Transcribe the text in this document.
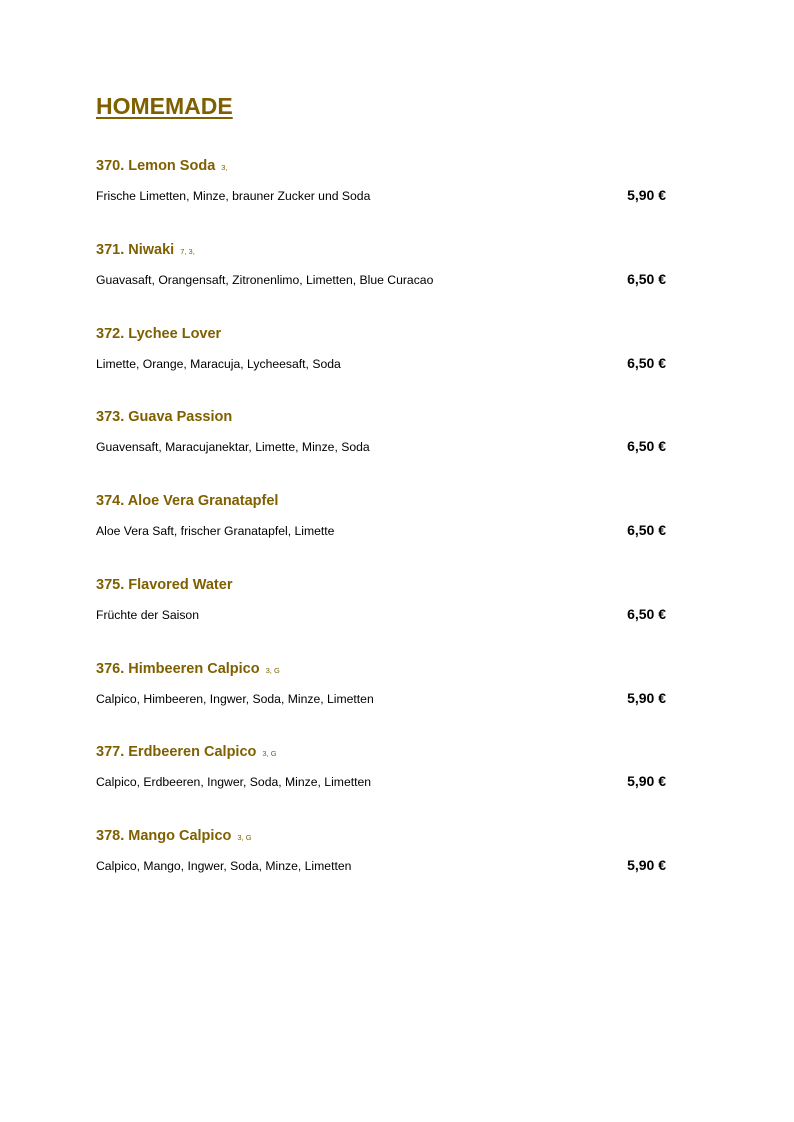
HOMEMADE
370. Lemon Soda 3,
Frische Limetten, Minze, brauner Zucker und Soda	5,90 €
371. Niwaki 7, 3,
Guavasaft, Orangensaft, Zitronenlimo, Limetten, Blue Curacao	6,50 €
372. Lychee Lover
Limette, Orange, Maracuja, Lycheesaft, Soda	6,50 €
373. Guava Passion
Guavensaft, Maracujanektar, Limette, Minze, Soda	6,50 €
374. Aloe Vera Granatapfel
Aloe Vera Saft, frischer Granatapfel, Limette	6,50 €
375. Flavored Water
Früchte der Saison	6,50 €
376. Himbeeren Calpico 3, G
Calpico, Himbeeren, Ingwer, Soda, Minze, Limetten	5,90 €
377. Erdbeeren Calpico 3, G
Calpico, Erdbeeren, Ingwer, Soda, Minze, Limetten	5,90 €
378. Mango Calpico 3, G
Calpico, Mango, Ingwer, Soda, Minze, Limetten	5,90 €
